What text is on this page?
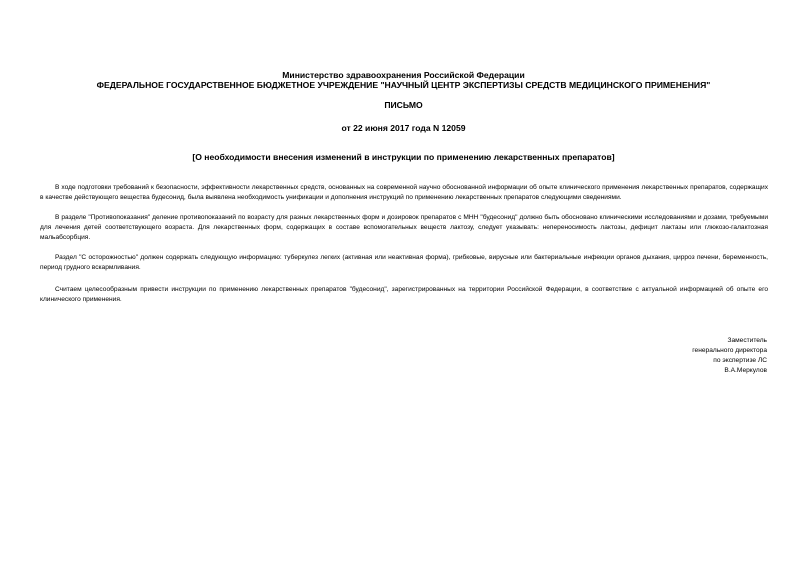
Министерство здравоохранения Российской Федерации
ФЕДЕРАЛЬНОЕ ГОСУДАРСТВЕННОЕ БЮДЖЕТНОЕ УЧРЕЖДЕНИЕ "НАУЧНЫЙ ЦЕНТР ЭКСПЕРТИЗЫ СРЕДСТВ МЕДИЦИНСКОГО ПРИМЕНЕНИЯ"
ПИСЬМО
от 22 июня 2017 года N 12059
[О необходимости внесения изменений в инструкции по применению лекарственных препаратов]
В ходе подготовки требований к безопасности, эффективности лекарственных средств, основанных на современной научно обоснованной информации об опыте клинического применения лекарственных препаратов, содержащих в качестве действующего вещества будесонид, была выявлена необходимость унификации и дополнения инструкций по применению лекарственных препаратов следующими сведениями.
В разделе "Противопоказания" деление противопоказаний по возрасту для разных лекарственных форм и дозировок препаратов с МНН "будесонид" должно быть обосновано клиническими исследованиями и дозами, требуемыми для лечения детей соответствующего возраста. Для лекарственных форм, содержащих в составе вспомогательных веществ лактозу, следует указывать: непереносимость лактозы, дефицит лактазы или глюкозо-галактозная мальабсорбция.
Раздел "С осторожностью" должен содержать следующую информацию: туберкулез легких (активная или неактивная форма), грибковые, вирусные или бактериальные инфекции органов дыхания, цирроз печени, беременность, период грудного вскармливания.
Считаем целесообразным привести инструкции по применению лекарственных препаратов "будесонид", зарегистрированных на территории Российской Федерации, в соответствие с актуальной информацией об опыте его клинического применения.
Заместитель
генерального директора
по экспертизе ЛС
В.А.Меркулов
